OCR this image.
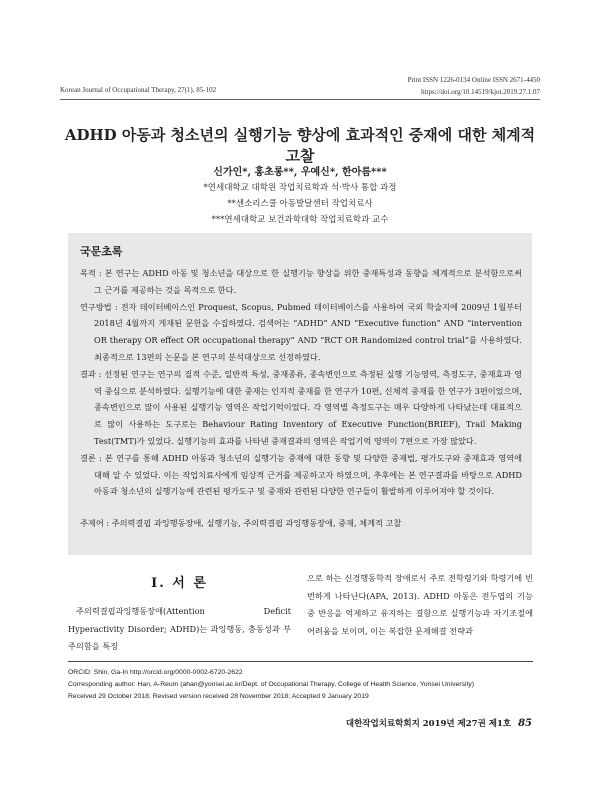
Korean Journal of Occupational Therapy, 27(1), 85-102
Print ISSN 1226-0134 Online ISSN 2671-4450
https://doi.org/10.14519/kjot.2019.27.1.07
ADHD 아동과 청소년의 실행기능 향상에 효과적인 중재에 대한 체계적 고찰
신가인*, 홍초롱**, 우예신*, 한아름***
*연세대학교 대학원 작업치료학과 석·박사 통합 과정
**센소리스쿨 아동발달센터 작업치료사
***연세대학교 보건과학대학 작업치료학과 교수
국문초록
목적 : 본 연구는 ADHD 아동 및 청소년을 대상으로 한 실행기능 향상을 위한 중재특성과 동향을 체계적으로 분석함으로써 그 근거를 제공하는 것을 목적으로 한다.
연구방법 : 전자 데이터베이스인 Proquest, Scopus, Pubmed 데이터베이스를 사용하여 국외 학술지에 2009년 1월부터 2018년 4월까지 게재된 문헌을 수집하였다. 검색어는 “ADHD” AND “Executive function” AND “intervention OR therapy OR effect OR occupational therapy” AND “RCT OR Randomized control trial”를 사용하였다. 최종적으로 13편의 논문을 본 연구의 분석대상으로 선정하였다.
결과 : 선정된 연구는 연구의 질적 수준, 일반적 특성, 중재종류, 종속변인으로 측정된 실행 기능영역, 측정도구, 중재효과 영역 중심으로 분석하였다. 실행기능에 대한 중재는 인지적 중재를 한 연구가 10편, 신체적 중재를 한 연구가 3편이었으며, 종속변인으로 많이 사용된 실행기능 영역은 작업기억이었다. 각 영역별 측정도구는 매우 다양하게 나타났는데 대표적으로 많이 사용하는 도구로는 Behaviour Rating Inventory of Executive Function(BRIEF), Trail Making Test(TMT)가 있었다. 실행기능의 효과를 나타낸 중재결과의 영역은 작업기억 영역이 7편으로 가장 많았다.
결론 : 본 연구를 통해 ADHD 아동과 청소년의 실행기능 중재에 대한 동향 및 다양한 중재법, 평가도구와 중재효과 영역에 대해 알 수 있었다. 이는 작업치료사에게 임상적 근거를 제공하고자 하였으며, 추후에는 본 연구결과를 바탕으로 ADHD 아동과 청소년의 실행기능에 관련된 평가도구 및 중재와 관련된 다양한 연구들이 활발하게 이루어져야 할 것이다.
주제어 : 주의력결핍 과잉행동장애, 실행기능, 주의력결핍 과잉행동장애, 중재, 체계적 고찰
Ⅰ. 서 론
주의력결핍과잉행동장애(Attention Deficit Hyperactivity Disorder; ADHD)는 과잉행동, 충동성과 부주의함을 특징
으로 하는 신경행동학적 장애로서 주로 전학령기와 학령기에 빈번하게 나타난다(APA, 2013). ADHD 아동은 전두엽의 기능 중 반응을 억제하고 유지하는 결함으로 실행기능과 자기조절에 어려움을 보이며, 이는 복잡한 문제해결 전략과
ORCID: Shin, Ga-In http://orcid.org/0000-0002-6720-2622
Corresponding author: Han, A-Reum (ahan@yonsei.ac.kr/Dept. of Occupational Therapy, College of Health Science, Yonsei University)
Received 29 October 2018; Revised version received 28 November 2018; Accepted 9 January 2019
대한작업치료학회지 2019년 제27권 제1호 85
